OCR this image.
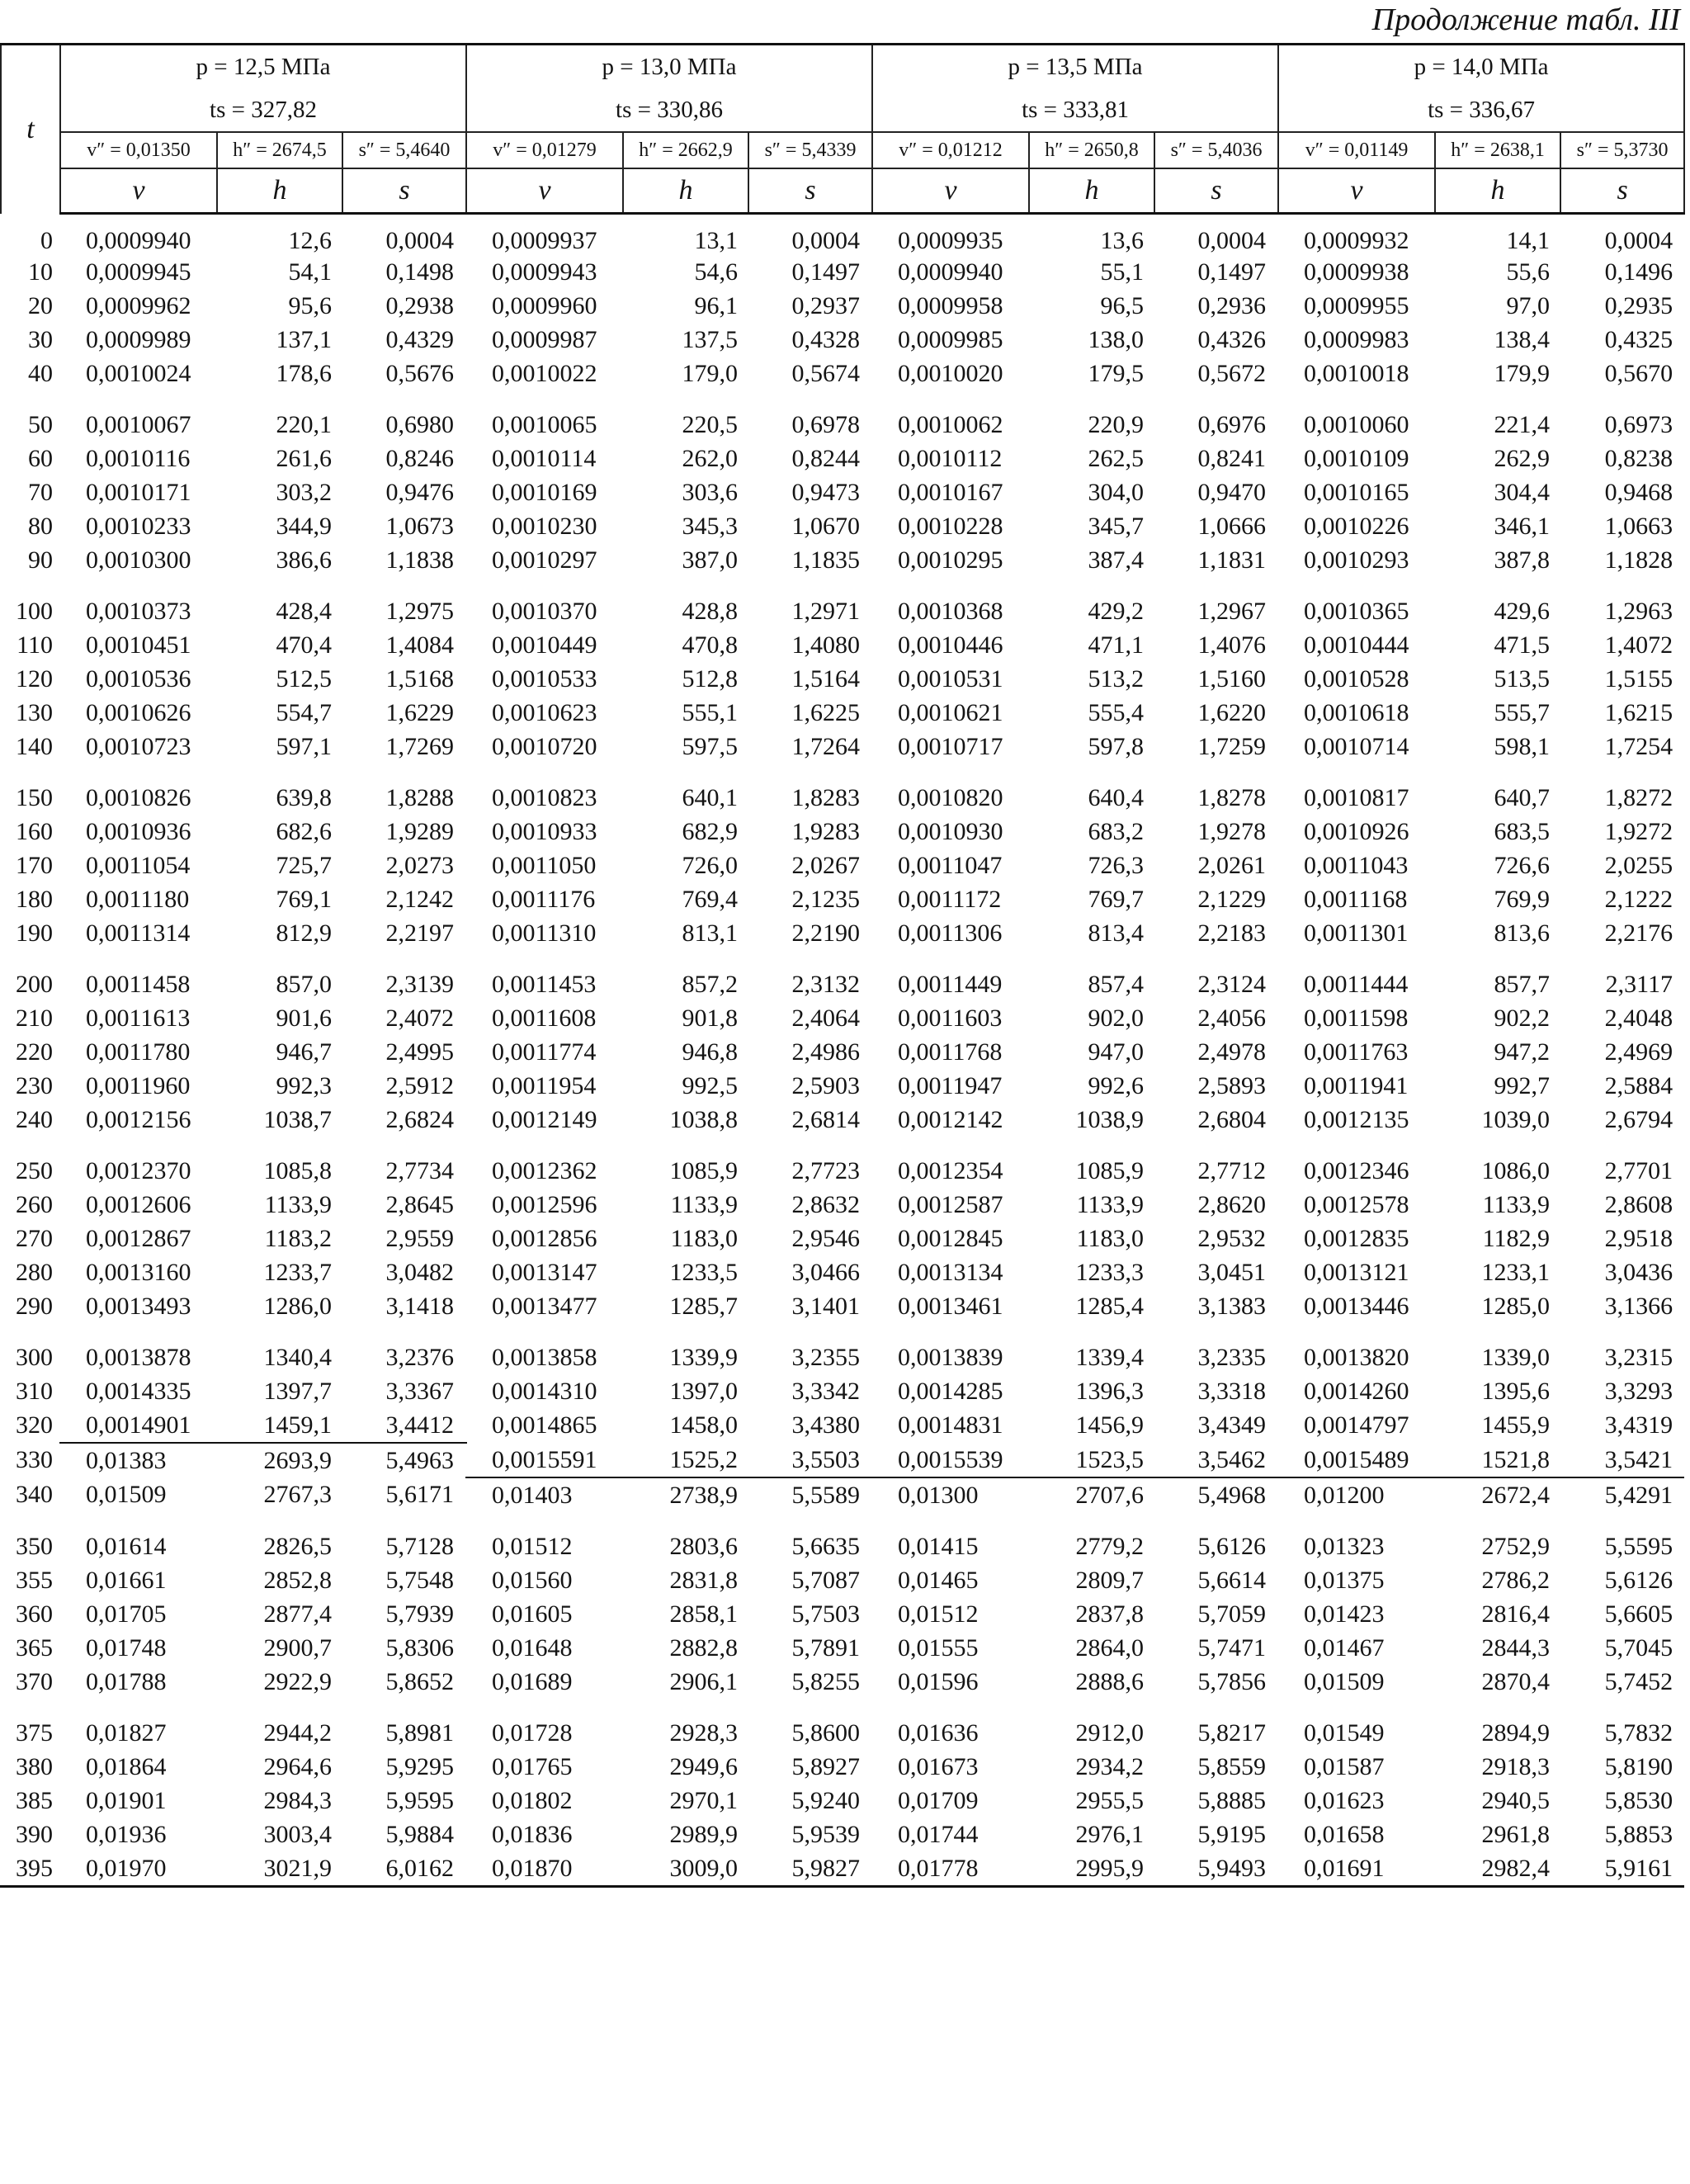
Продолжение табл. III
t	p = 12,5 МПа			p = 13,0 МПа			p = 13,5 МПа			p = 14,0 МПа		
	ts = 327,82			ts = 330,86			ts = 333,81			ts = 336,67		
	v″ = 0,01350	h″ = 2674,5	s″ = 5,4640	v″ = 0,01279	h″ = 2662,9	s″ = 5,4339	v″ = 0,01212	h″ = 2650,8	s″ = 5,4036	v″ = 0,01149	h″ = 2638,1	s″ = 5,3730
	v	h	s	v	h	s	v	h	s	v	h	s
0	0,0009940	12,6	0,0004	0,0009937	13,1	0,0004	0,0009935	13,6	0,0004	0,0009932	14,1	0,0004
10	0,0009945	54,1	0,1498	0,0009943	54,6	0,1497	0,0009940	55,1	0,1497	0,0009938	55,6	0,1496
20	0,0009962	95,6	0,2938	0,0009960	96,1	0,2937	0,0009958	96,5	0,2936	0,0009955	97,0	0,2935
30	0,0009989	137,1	0,4329	0,0009987	137,5	0,4328	0,0009985	138,0	0,4326	0,0009983	138,4	0,4325
40	0,0010024	178,6	0,5676	0,0010022	179,0	0,5674	0,0010020	179,5	0,5672	0,0010018	179,9	0,5670

50	0,0010067	220,1	0,6980	0,0010065	220,5	0,6978	0,0010062	220,9	0,6976	0,0010060	221,4	0,6973
60	0,0010116	261,6	0,8246	0,0010114	262,0	0,8244	0,0010112	262,5	0,8241	0,0010109	262,9	0,8238
70	0,0010171	303,2	0,9476	0,0010169	303,6	0,9473	0,0010167	304,0	0,9470	0,0010165	304,4	0,9468
80	0,0010233	344,9	1,0673	0,0010230	345,3	1,0670	0,0010228	345,7	1,0666	0,0010226	346,1	1,0663
90	0,0010300	386,6	1,1838	0,0010297	387,0	1,1835	0,0010295	387,4	1,1831	0,0010293	387,8	1,1828

100	0,0010373	428,4	1,2975	0,0010370	428,8	1,2971	0,0010368	429,2	1,2967	0,0010365	429,6	1,2963
110	0,0010451	470,4	1,4084	0,0010449	470,8	1,4080	0,0010446	471,1	1,4076	0,0010444	471,5	1,4072
120	0,0010536	512,5	1,5168	0,0010533	512,8	1,5164	0,0010531	513,2	1,5160	0,0010528	513,5	1,5155
130	0,0010626	554,7	1,6229	0,0010623	555,1	1,6225	0,0010621	555,4	1,6220	0,0010618	555,7	1,6215
140	0,0010723	597,1	1,7269	0,0010720	597,5	1,7264	0,0010717	597,8	1,7259	0,0010714	598,1	1,7254

150	0,0010826	639,8	1,8288	0,0010823	640,1	1,8283	0,0010820	640,4	1,8278	0,0010817	640,7	1,8272
160	0,0010936	682,6	1,9289	0,0010933	682,9	1,9283	0,0010930	683,2	1,9278	0,0010926	683,5	1,9272
170	0,0011054	725,7	2,0273	0,0011050	726,0	2,0267	0,0011047	726,3	2,0261	0,0011043	726,6	2,0255
180	0,0011180	769,1	2,1242	0,0011176	769,4	2,1235	0,0011172	769,7	2,1229	0,0011168	769,9	2,1222
190	0,0011314	812,9	2,2197	0,0011310	813,1	2,2190	0,0011306	813,4	2,2183	0,0011301	813,6	2,2176

200	0,0011458	857,0	2,3139	0,0011453	857,2	2,3132	0,0011449	857,4	2,3124	0,0011444	857,7	2,3117
210	0,0011613	901,6	2,4072	0,0011608	901,8	2,4064	0,0011603	902,0	2,4056	0,0011598	902,2	2,4048
220	0,0011780	946,7	2,4995	0,0011774	946,8	2,4986	0,0011768	947,0	2,4978	0,0011763	947,2	2,4969
230	0,0011960	992,3	2,5912	0,0011954	992,5	2,5903	0,0011947	992,6	2,5893	0,0011941	992,7	2,5884
240	0,0012156	1038,7	2,6824	0,0012149	1038,8	2,6814	0,0012142	1038,9	2,6804	0,0012135	1039,0	2,6794

250	0,0012370	1085,8	2,7734	0,0012362	1085,9	2,7723	0,0012354	1085,9	2,7712	0,0012346	1086,0	2,7701
260	0,0012606	1133,9	2,8645	0,0012596	1133,9	2,8632	0,0012587	1133,9	2,8620	0,0012578	1133,9	2,8608
270	0,0012867	1183,2	2,9559	0,0012856	1183,0	2,9546	0,0012845	1183,0	2,9532	0,0012835	1182,9	2,9518
280	0,0013160	1233,7	3,0482	0,0013147	1233,5	3,0466	0,0013134	1233,3	3,0451	0,0013121	1233,1	3,0436
290	0,0013493	1286,0	3,1418	0,0013477	1285,7	3,1401	0,0013461	1285,4	3,1383	0,0013446	1285,0	3,1366

300	0,0013878	1340,4	3,2376	0,0013858	1339,9	3,2355	0,0013839	1339,4	3,2335	0,0013820	1339,0	3,2315
310	0,0014335	1397,7	3,3367	0,0014310	1397,0	3,3342	0,0014285	1396,3	3,3318	0,0014260	1395,6	3,3293
320	0,0014901	1459,1	3,4412	0,0014865	1458,0	3,4380	0,0014831	1456,9	3,4349	0,0014797	1455,9	3,4319
330	0,01383	2693,9	5,4963	0,0015591	1525,2	3,5503	0,0015539	1523,5	3,5462	0,0015489	1521,8	3,5421
340	0,01509	2767,3	5,6171	0,01403	2738,9	5,5589	0,01300	2707,6	5,4968	0,01200	2672,4	5,4291

350	0,01614	2826,5	5,7128	0,01512	2803,6	5,6635	0,01415	2779,2	5,6126	0,01323	2752,9	5,5595
355	0,01661	2852,8	5,7548	0,01560	2831,8	5,7087	0,01465	2809,7	5,6614	0,01375	2786,2	5,6126
360	0,01705	2877,4	5,7939	0,01605	2858,1	5,7503	0,01512	2837,8	5,7059	0,01423	2816,4	5,6605
365	0,01748	2900,7	5,8306	0,01648	2882,8	5,7891	0,01555	2864,0	5,7471	0,01467	2844,3	5,7045
370	0,01788	2922,9	5,8652	0,01689	2906,1	5,8255	0,01596	2888,6	5,7856	0,01509	2870,4	5,7452

375	0,01827	2944,2	5,8981	0,01728	2928,3	5,8600	0,01636	2912,0	5,8217	0,01549	2894,9	5,7832
380	0,01864	2964,6	5,9295	0,01765	2949,6	5,8927	0,01673	2934,2	5,8559	0,01587	2918,3	5,8190
385	0,01901	2984,3	5,9595	0,01802	2970,1	5,9240	0,01709	2955,5	5,8885	0,01623	2940,5	5,8530
390	0,01936	3003,4	5,9884	0,01836	2989,9	5,9539	0,01744	2976,1	5,9195	0,01658	2961,8	5,8853
395	0,01970	3021,9	6,0162	0,01870	3009,0	5,9827	0,01778	2995,9	5,9493	0,01691	2982,4	5,9161
